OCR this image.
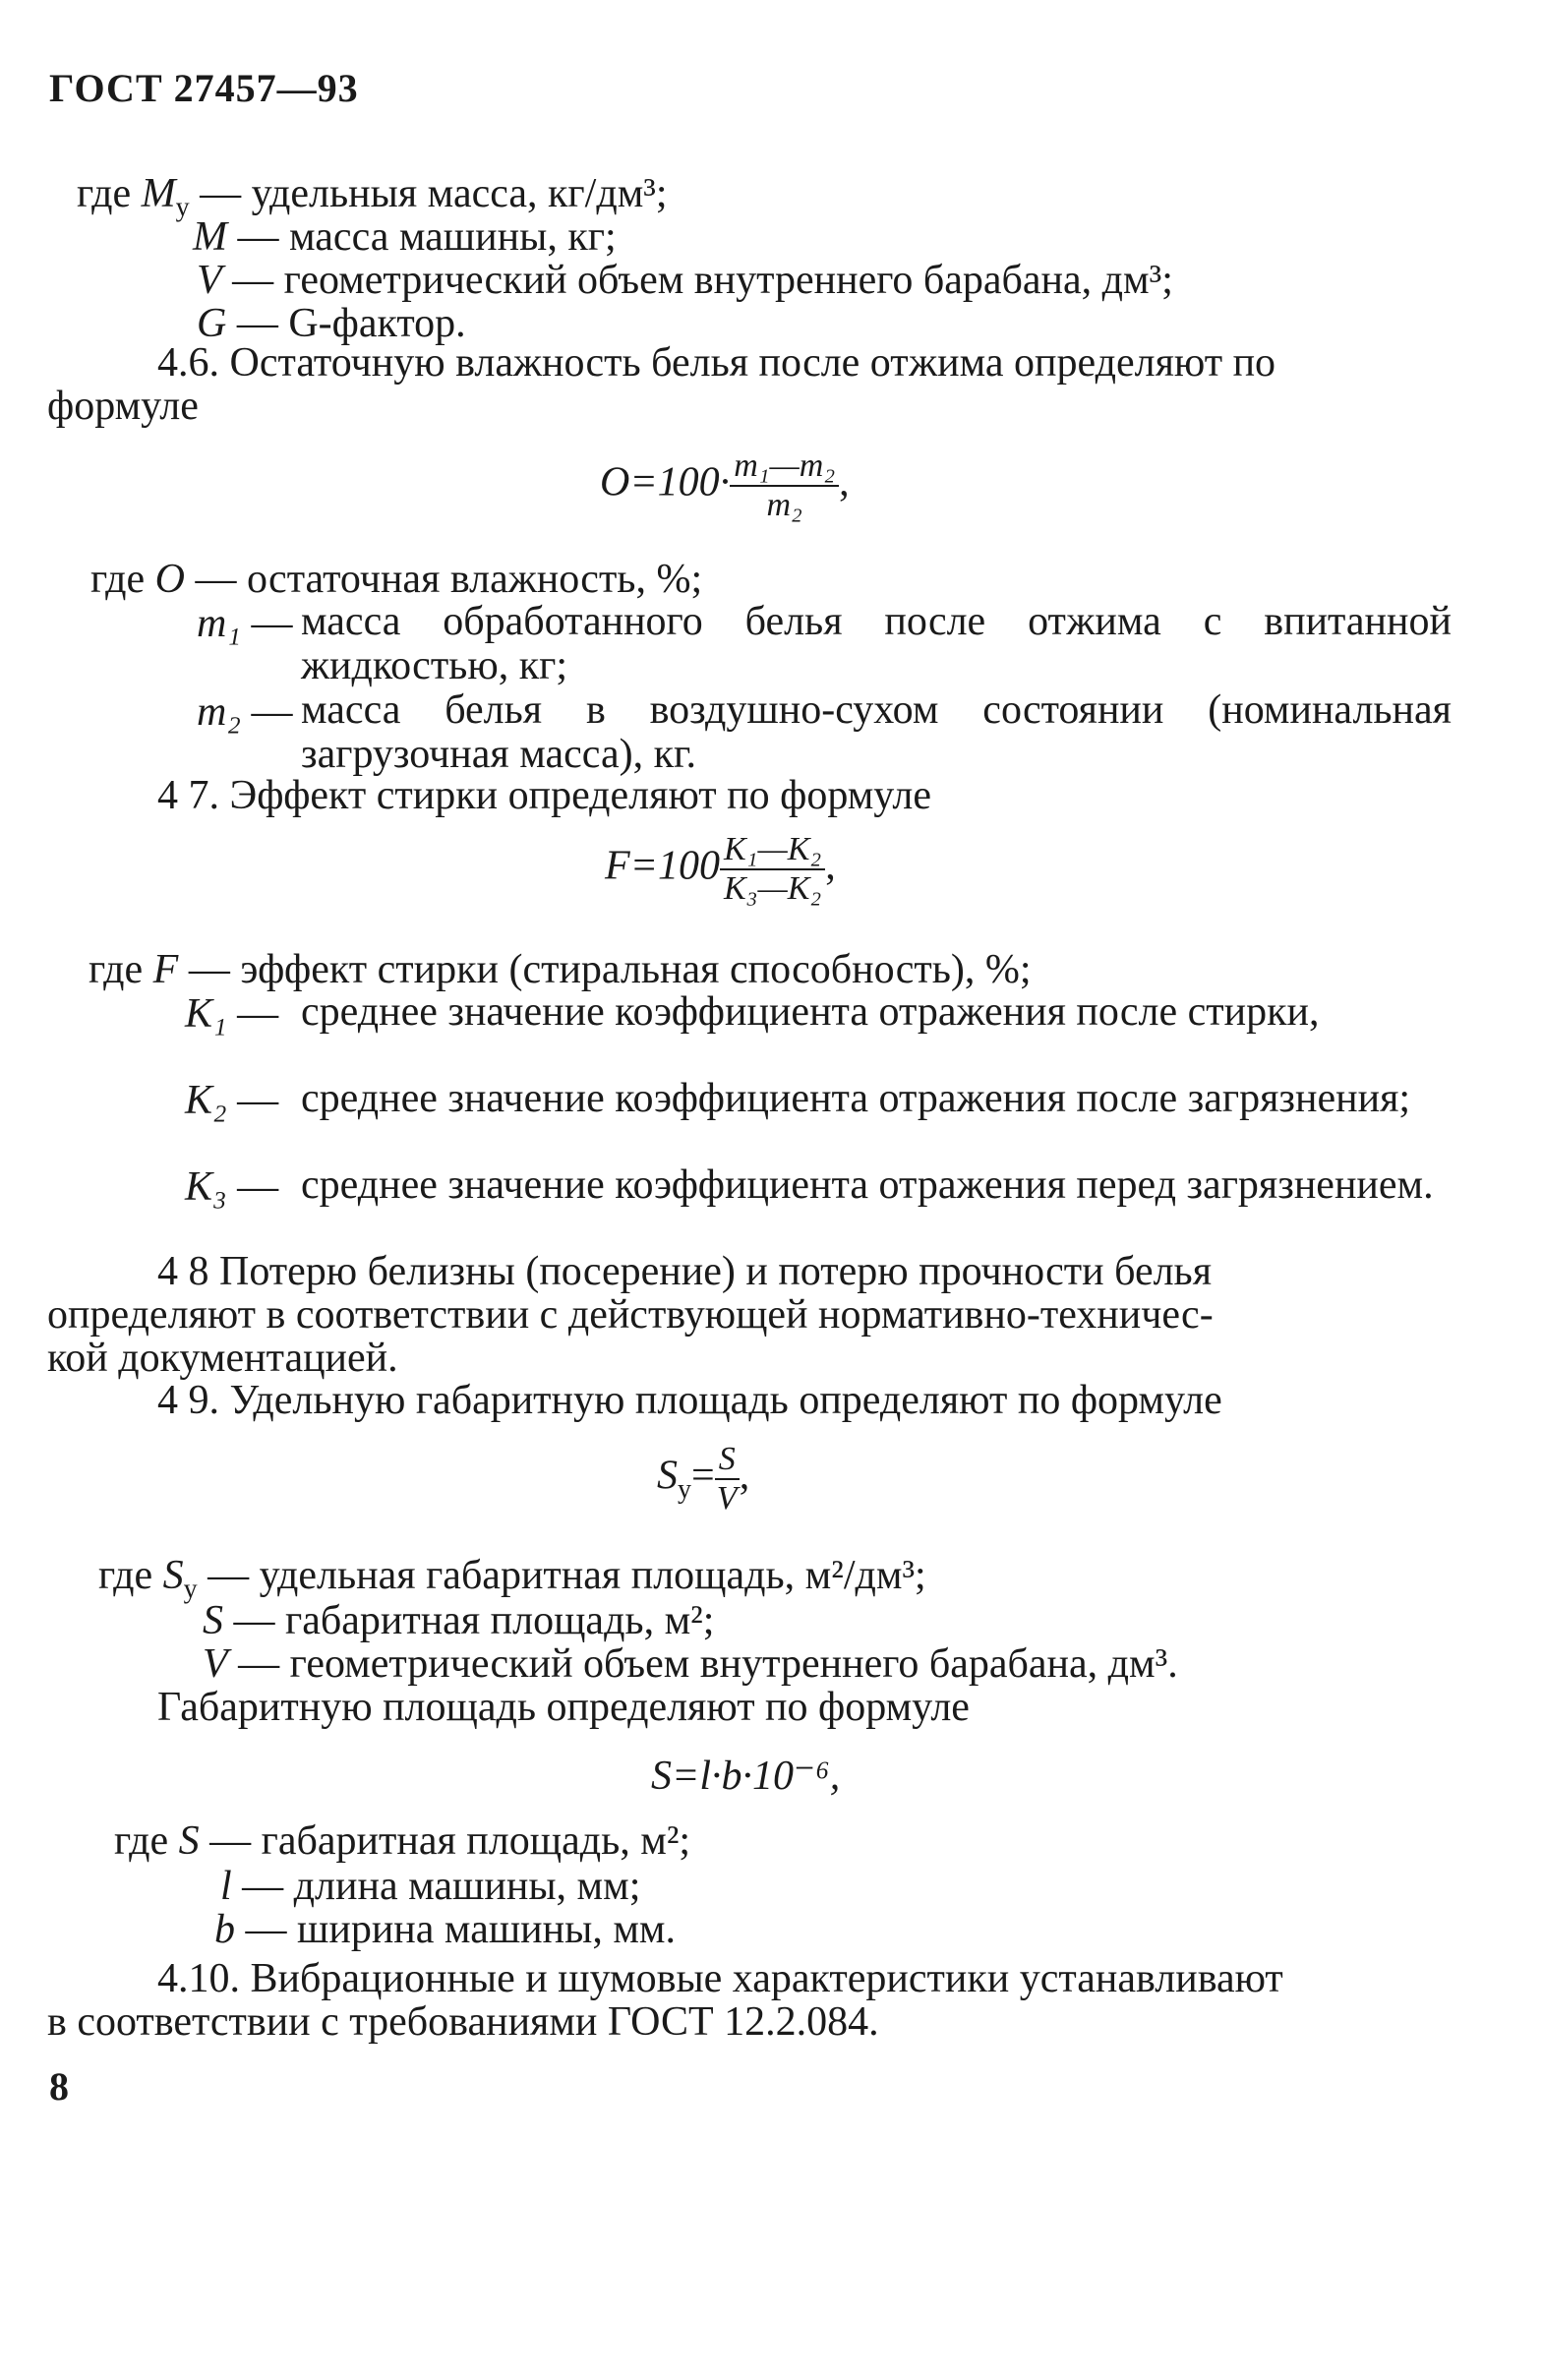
ГОСТ 27457—93
где $M_у$ — удельныя масса, кг/дм³;
M — масса машины, кг;
V — геометрический объем внутреннего барабана, дм³;
G — G-фактор.
4.6. Остаточную влажность белья после отжима определяют по
формуле
$O=100\cdot \frac{\text{m₁—m₂}}{\text{m₂}}$ ,
где O — остаточная влажность, %;
m₁ — масса обработанного белья после отжима с впитанной жидкостью, кг;
m₂ — масса белья в воздушно-сухом состоянии (номинальная загрузочная масса), кг.
4 7. Эффект стирки определяют по формуле
$F=100 \frac{\text{K₁—K₂}}{\text{K₃—K₂}}$ ,
где F — эффект стирки (стиральная способность), %;
K₁ — среднее значение коэффициента отражения после стирки,
K₂ — среднее значение коэффициента отражения после загрязнения;
K₃ — среднее значение коэффициента отражения перед загрязнением.
4 8 Потерю белизны (посерение) и потерю прочности белья
определяют в соответствии с действующей нормативно-техничес-
кой документацией.
4 9. Удельную габаритную площадь определяют по формуле
$S_у= \frac{S}{V}$ ,
где $S_у$ — удельная габаритная площадь, м²/дм³;
S — габаритная площадь, м²;
V — геометрический объем внутреннего барабана, дм³.
Габаритную площадь определяют по формуле
S=l·b·10⁻⁶,
где S — габаритная площадь, м²;
l — длина машины, мм;
b — ширина машины, мм.
4.10. Вибрационные и шумовые характеристики устанавливают
в соответствии с требованиями ГОСТ 12.2.084.
8
